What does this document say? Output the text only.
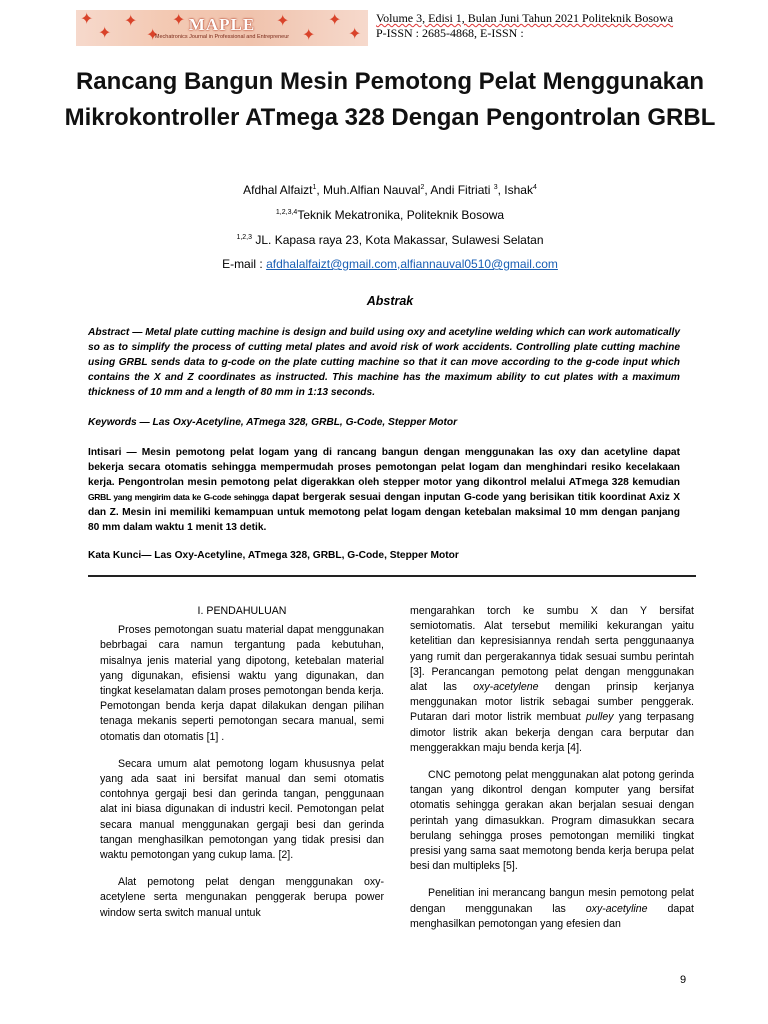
✦
✦
✦
✦
✦	✦
✦
✦
✦
MAPLE
Mechatronics Journal in Professional and Entrepreneur
Volume 3, Edisi 1, Bulan Juni Tahun 2021 Politeknik Bosowa
P-ISSN : 2685-4868, E-ISSN :
Rancang Bangun Mesin Pemotong Pelat Menggunakan Mikrokontroller ATmega 328 Dengan Pengontrolan GRBL
Afdhal Alfaizt$^1$, Muh.Alfian Nauval$^2$, Andi Fitriati $^3$, Ishak$^4$
$^{1,2,3,4}$Teknik Mekatronika, Politeknik Bosowa
$^{1,2,3}$ JL. Kapasa raya 23, Kota Makassar, Sulawesi Selatan
E-mail : afdhalalfaizt@gmail.com,alfiannauval0510@gmail.com
Abstrak
Abstract — Metal plate cutting machine is design and build using oxy and acetyline welding which can work automatically so as to simplify the process of cutting metal plates and avoid risk of work accidents. Controlling plate cutting machine using GRBL sends data to g-code on the plate cutting machine so that it can move according to the g-code input which contains the X and Z coordinates as instructed. This machine has the maximum ability to cut plates with a maximum thickness of 10 mm and a length of 80 mm in 1:13 seconds.
Keywords — Las Oxy-Acetyline, ATmega 328, GRBL, G-Code, Stepper Motor
Intisari — Mesin pemotong pelat logam yang di rancang bangun dengan menggunakan las oxy dan acetyline dapat bekerja secara otomatis sehingga mempermudah proses pemotongan pelat logam dan menghindari resiko kecelakaan kerja. Pengontrolan mesin pemotong pelat digerakkan oleh stepper motor yang dikontrol melalui ATmega 328 kemudian GRBL yang mengirim data ke G-code sehingga dapat bergerak sesuai dengan inputan G-code yang berisikan titik koordinat Axiz X dan Z. Mesin ini memiliki kemampuan untuk memotong pelat logam dengan ketebalan maksimal 10 mm dengan panjang 80 mm dalam waktu 1 menit 13 detik.
Kata Kunci— Las Oxy-Acetyline, ATmega 328, GRBL, G-Code, Stepper Motor
I. PENDAHULUAN

Proses pemotongan suatu material dapat menggunakan bebrbagai cara namun tergantung pada kebutuhan, misalnya jenis material yang dipotong, ketebalan material yang digunakan, efisiensi waktu yang digunakan, dan tingkat keselamatan dalam proses pemotongan benda kerja. Pemotongan benda kerja dapat dilakukan dengan pilihan tenaga mekanis seperti pemotongan secara manual, semi otomatis dan otomatis [1] .

Secara umum alat pemotong logam khususnya pelat yang ada saat ini bersifat manual dan semi otomatis contohnya gergaji besi dan gerinda tangan, penggunaan alat ini biasa digunakan di industri kecil. Pemotongan pelat secara manual menggunakan gergaji besi dan gerinda tangan menghasilkan pemotongan yang tidak presisi dan waktu pemotongan yang cukup lama. [2].

Alat pemotong pelat dengan menggunakan oxy-acetylene serta mengunakan penggerak berupa power window serta switch manual untuk

mengarahkan torch ke sumbu X dan Y bersifat semiotomatis. Alat tersebut memiliki kekurangan yaitu ketelitian dan kepresisiannya rendah serta penggunaanya yang rumit dan pergerakannya tidak sesuai sumbu perintah [3]. Perancangan pemotong pelat dengan menggunakan alat las oxy-acetylene dengan prinsip kerjanya menggunakan motor listrik sebagai sumber penggerak. Putaran dari motor listrik membuat pulley yang terpasang dimotor listrik akan bekerja dengan cara berputar dan menggerakkan maju benda kerja [4].

CNC pemotong pelat menggunakan alat potong gerinda tangan yang dikontrol dengan komputer yang bersifat otomatis sehingga gerakan akan berjalan sesuai dengan perintah yang dimasukkan. Program dimasukkan secara berulang sehingga proses pemotongan memiliki tingkat presisi yang sama saat memotong benda kerja berupa pelat besi dan multipleks [5].

Penelitian ini merancang bangun mesin pemotong pelat dengan menggunakan las oxy-acetyline dapat menghasilkan pemotongan yang efesien dan

9
